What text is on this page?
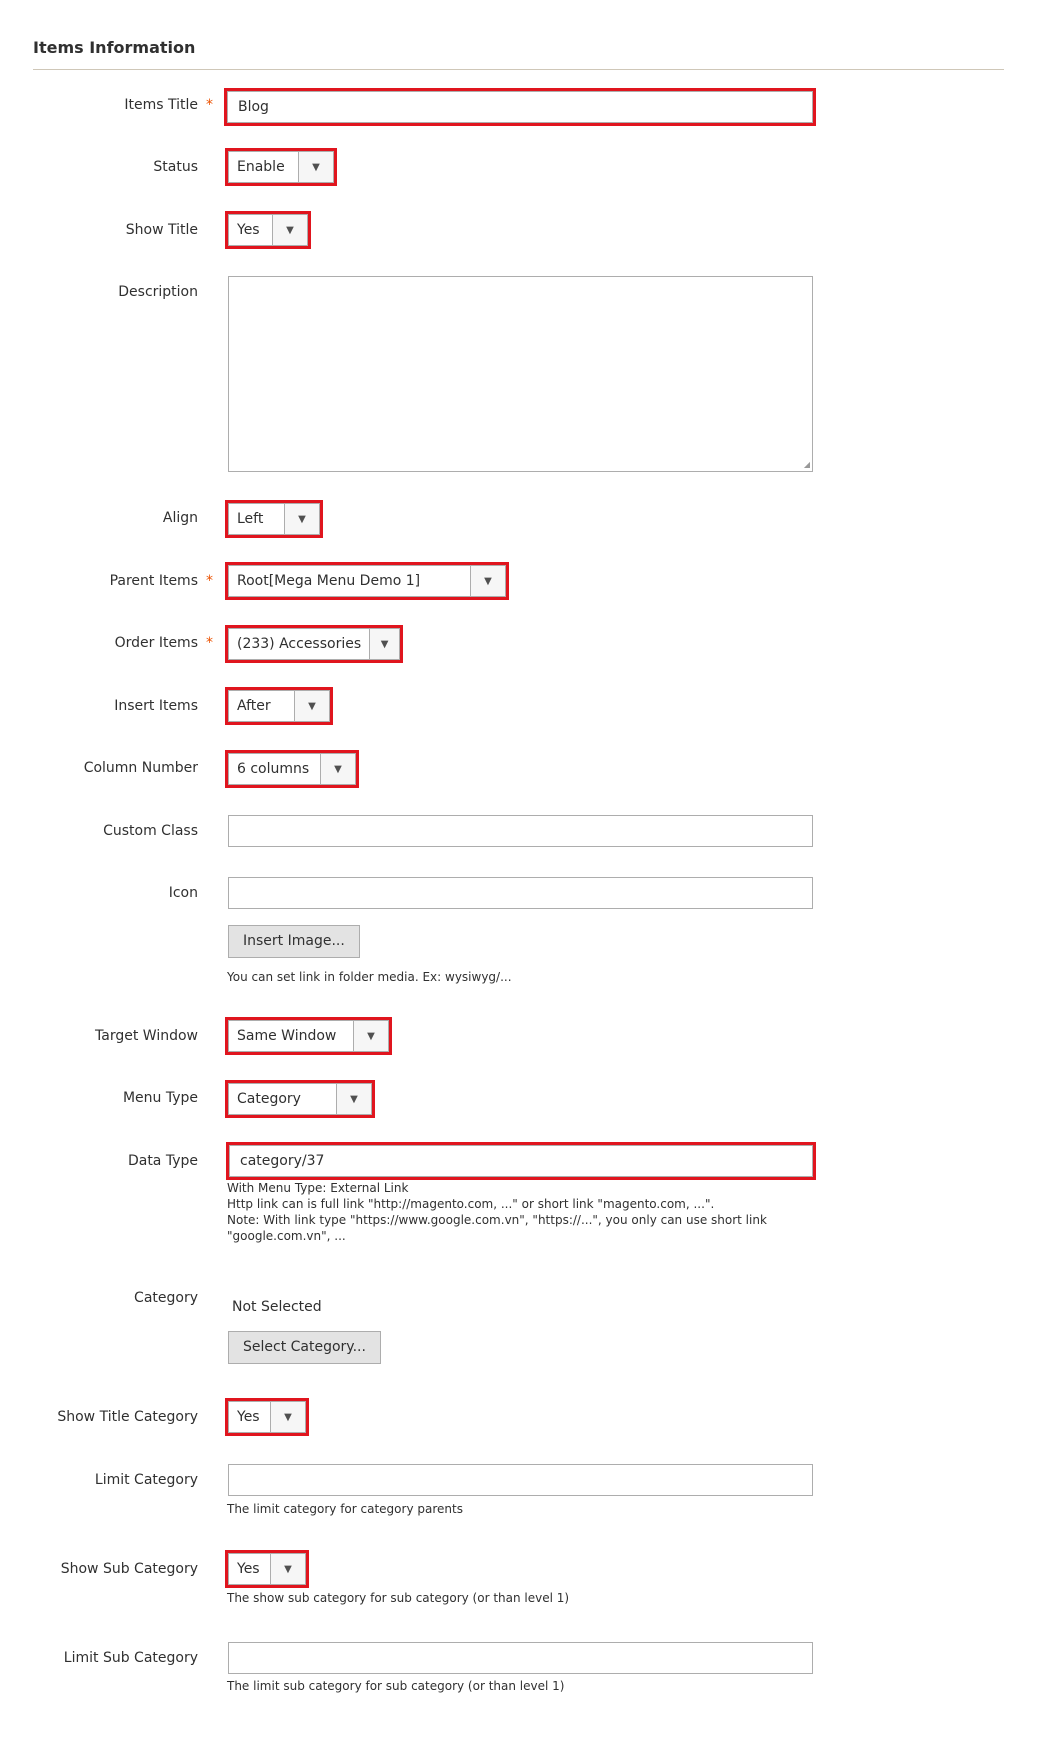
Items Information
Items Title *	Blog
Status	Enable	▼
Show Title	Yes	▼
Description
◢
Align	Left	▼
Parent Items *	Root[Mega Menu Demo 1]	▼
Order Items *	(233) Accessories	▼
Insert Items	After	▼
Column Number	6 columns	▼
Custom Class
Icon
Insert Image...
You can set link in folder media. Ex: wysiwyg/...
Target Window	Same Window	▼
Menu Type	Category	▼
Data Type	category/37
With Menu Type: External Link
Http link can is full link "http://magento.com, ..." or short link "magento.com, ...".
Note: With link type "https://www.google.com.vn", "https://...", you only can use short link
"google.com.vn", ...
Category
Not Selected
Select Category...
Show Title Category	Yes	▼
Limit Category
The limit category for category parents
Show Sub Category	Yes	▼
The show sub category for sub category (or than level 1)
Limit Sub Category
The limit sub category for sub category (or than level 1)
